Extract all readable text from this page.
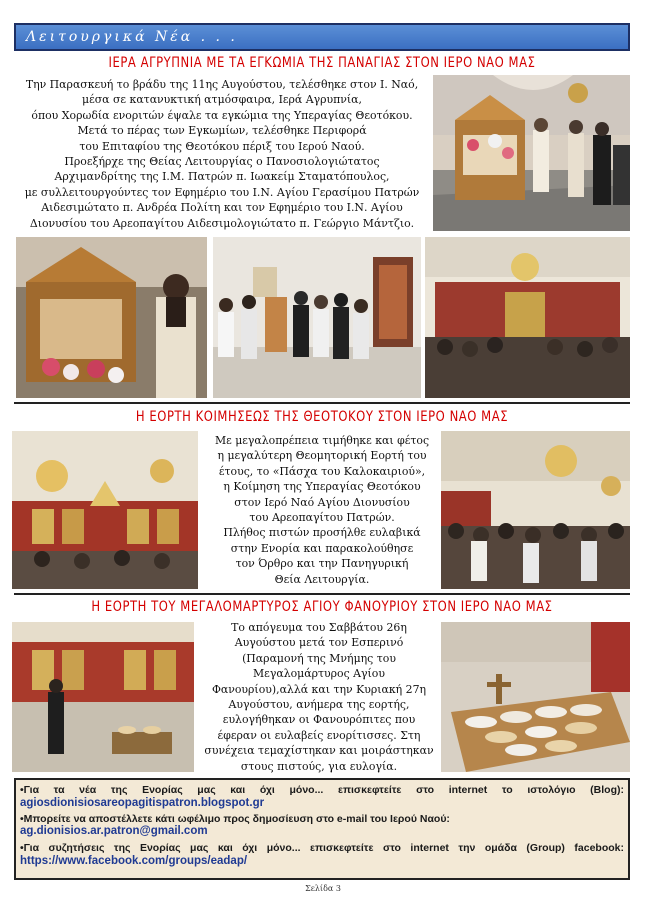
Λειτουργικά Νέα . . .
ΙΕΡΑ ΑΓΡΥΠΝΙΑ ΜΕ ΤΑ ΕΓΚΩΜΙΑ ΤΗΣ ΠΑΝΑΓΙΑΣ ΣΤΟΝ ΙΕΡΟ ΝΑΟ ΜΑΣ
Την Παρασκευή το βράδυ της 11ης Αυγούστου, τελέσθηκε στον Ι. Ναό,
μέσα σε κατανυκτική ατμόσφαιρα, Ιερά Αγρυπνία,
όπου Χορωδία ενοριτών έψαλε τα εγκώμια της Υπεραγίας Θεοτόκου.
Μετά το πέρας των Εγκωμίων, τελέσθηκε Περιφορά
του Επιταφίου της Θεοτόκου πέριξ του Ιερού Ναού.
Προεξήρχε της Θείας Λειτουργίας ο Πανοσιολογιώτατος
Αρχιμανδρίτης της Ι.Μ. Πατρών π. Ιωακείμ Σταματόπουλος,
με συλλειτουργούντες τον Εφημέριο του Ι.Ν. Αγίου Γερασίμου Πατρών
Αιδεσιμώτατο π. Ανδρέα Πολίτη και τον Εφημέριο του Ι.Ν. Αγίου
Διονυσίου του Αρεοπαγίτου Αιδεσιμολογιώτατο π. Γεώργιο Μάντζιο.
Η ΕΟΡΤΗ ΚΟΙΜΗΣΕΩΣ ΤΗΣ ΘΕΟΤΟΚΟΥ ΣΤΟΝ ΙΕΡΟ ΝΑΟ ΜΑΣ
Με μεγαλοπρέπεια τιμήθηκε και φέτος
η μεγαλύτερη Θεομητορική Εορτή του
έτους, το «Πάσχα του Καλοκαιριού»,
η Κοίμηση της Υπεραγίας Θεοτόκου
στον Ιερό Ναό Αγίου Διονυσίου
του Αρεοπαγίτου Πατρών.
Πλήθος πιστών προσήλθε ευλαβικά
στην Ενορία και παρακολούθησε
τον Όρθρο και την Πανηγυρική
Θεία Λειτουργία.
Η ΕΟΡΤΗ ΤΟΥ ΜΕΓΑΛΟΜΑΡΤΥΡΟΣ ΑΓΙΟΥ ΦΑΝΟΥΡΙΟΥ ΣΤΟΝ ΙΕΡΟ ΝΑΟ ΜΑΣ
Το απόγευμα του Σαββάτου 26η
Αυγούστου μετά τον Εσπερινό
(Παραμονή της Μνήμης του
Μεγαλομάρτυρος Αγίου
Φανουρίου),αλλά και την Κυριακή 27η
Αυγούστου, ανήμερα της εορτής,
ευλογήθηκαν οι Φανουρόπιτες που
έφεραν οι ευλαβείς ενορίτισσες. Στη
συνέχεια τεμαχίστηκαν και μοιράστηκαν
στους πιστούς, για ευλογία.
•Για τα νέα της Ενορίας μας και όχι μόνο... επισκεφτείτε στο internet το ιστολόγιο (Blog):
agiosdionisiosareopagitispatron.blogspot.gr
•Μπορείτε να αποστέλλετε κάτι ωφέλιμο προς δημοσίευση στο e-mail του Ιερού Ναού:
ag.dionisios.ar.patron@gmail.com
•Για συζητήσεις της Ενορίας μας και όχι μόνο... επισκεφτείτε στο internet την ομάδα (Group) facebook:
https://www.facebook.com/groups/eadap/
Σελίδα 3
